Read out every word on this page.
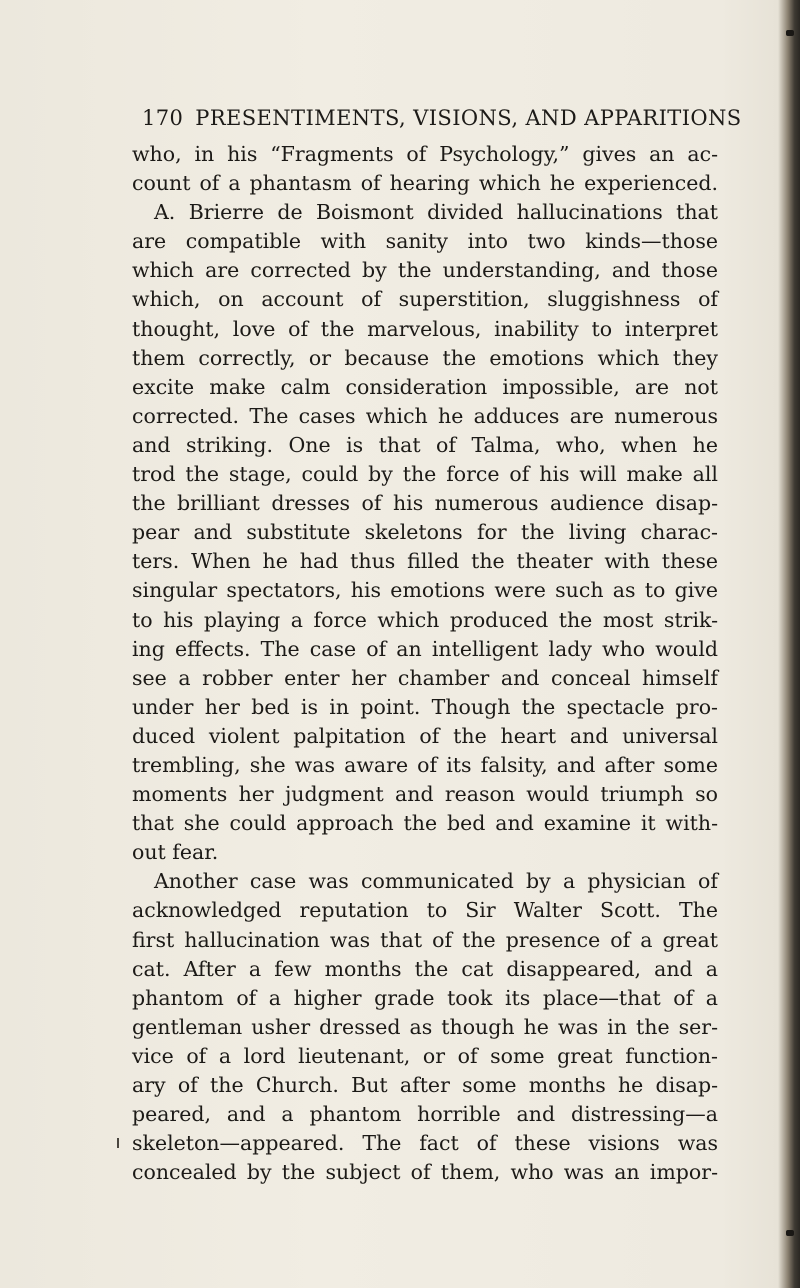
170 PRESENTIMENTS, VISIONS, AND APPARITIONS
who, in his “Fragments of Psychology,” gives an ac-
count of a phantasm of hearing which he experienced.
A. Brierre de Boismont divided hallucinations that
are compatible with sanity into two kinds—those
which are corrected by the understanding, and those
which, on account of superstition, sluggishness of
thought, love of the marvelous, inability to interpret
them correctly, or because the emotions which they
excite make calm consideration impossible, are not
corrected. The cases which he adduces are numerous
and striking. One is that of Talma, who, when he
trod the stage, could by the force of his will make all
the brilliant dresses of his numerous audience disap-
pear and substitute skeletons for the living charac-
ters. When he had thus filled the theater with these
singular spectators, his emotions were such as to give
to his playing a force which produced the most strik-
ing effects. The case of an intelligent lady who would
see a robber enter her chamber and conceal himself
under her bed is in point. Though the spectacle pro-
duced violent palpitation of the heart and universal
trembling, she was aware of its falsity, and after some
moments her judgment and reason would triumph so
that she could approach the bed and examine it with-
out fear.
Another case was communicated by a physician of
acknowledged reputation to Sir Walter Scott. The
first hallucination was that of the presence of a great
cat. After a few months the cat disappeared, and a
phantom of a higher grade took its place—that of a
gentleman usher dressed as though he was in the ser-
vice of a lord lieutenant, or of some great function-
ary of the Church. But after some months he disap-
peared, and a phantom horrible and distressing—a
skeleton—appeared. The fact of these visions was
concealed by the subject of them, who was an impor-
